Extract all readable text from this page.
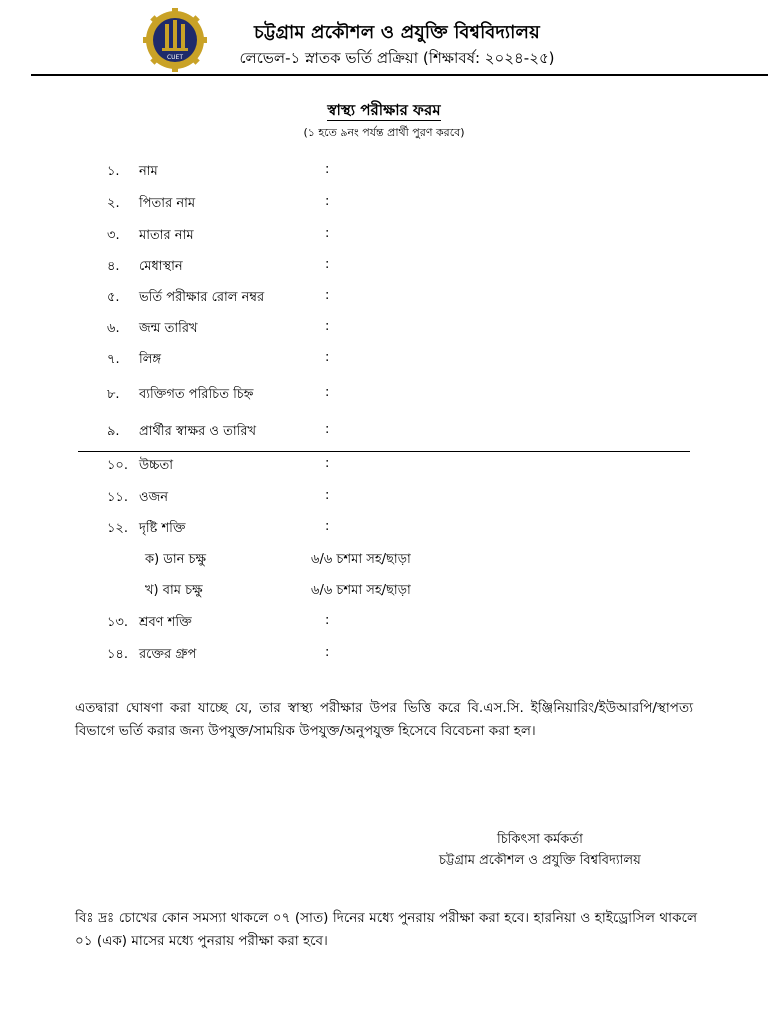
CUET
চট্টগ্রাম প্রকৌশল ও প্রযুক্তি বিশ্ববিদ্যালয়
লেভেল-১ স্নাতক ভর্তি প্রক্রিয়া (শিক্ষাবর্ষ: ২০২৪-২৫)
স্বাস্থ্য পরীক্ষার ফরম
(১ হতে ৯নং পর্যন্ত প্রার্থী পুরণ করবে)
১. নাম	:
২. পিতার নাম	:
৩. মাতার নাম	:
৪. মেধাস্থান	:
৫. ভর্তি পরীক্ষার রোল নম্বর	:
৬. জন্ম তারিখ	:
৭. লিঙ্গ	:
৮. ব্যক্তিগত পরিচিত চিহ্ন	:
৯. প্রার্থীর স্বাক্ষর ও তারিখ	:
১০. উচ্চতা	:
১১. ওজন	:
১২. দৃষ্টি শক্তি	:
ক) ডান চক্ষু	৬/৬ চশমা সহ/ছাড়া
খ) বাম চক্ষু	৬/৬ চশমা সহ/ছাড়া
১৩. শ্রবণ শক্তি	:
১৪. রক্তের গ্রুপ	:
এতদ্বারা ঘোষণা করা যাচ্ছে যে, তার স্বাস্থ্য পরীক্ষার উপর ভিত্তি করে বি.এস.সি. ইঞ্জিনিয়ারিং/ইউআরপি/স্থাপত্য বিভাগে ভর্তি করার জন্য উপযুক্ত/সাময়িক উপযুক্ত/অনুপযুক্ত হিসেবে বিবেচনা করা হল।
চিকিৎসা কর্মকর্তা
চট্টগ্রাম প্রকৌশল ও প্রযুক্তি বিশ্ববিদ্যালয়
বিঃ দ্রঃ চোখের কোন সমস্যা থাকলে ০৭ (সাত) দিনের মধ্যে পুনরায় পরীক্ষা করা হবে। হারনিয়া ও হাইড্রোসিল থাকলে ০১ (এক) মাসের মধ্যে পুনরায় পরীক্ষা করা হবে।
